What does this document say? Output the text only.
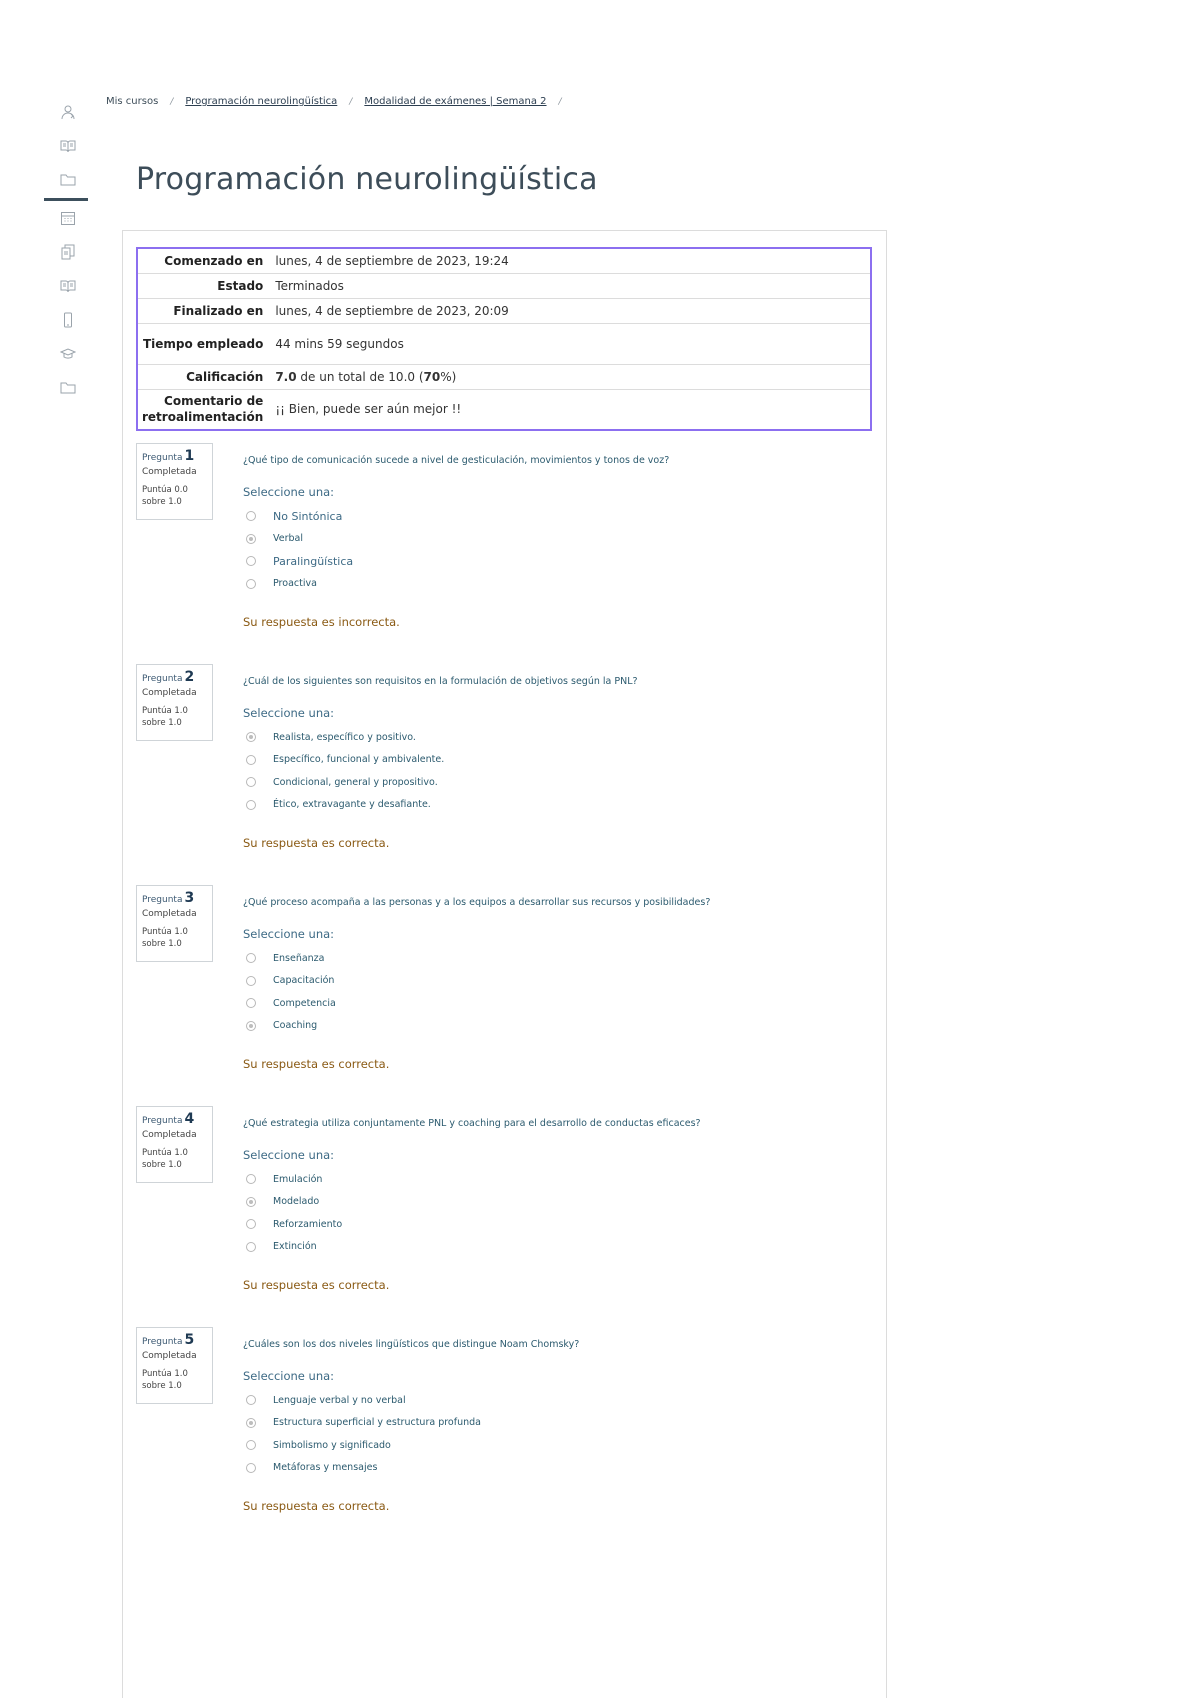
Mis cursos / Programación neurolingüística / Modalidad de exámenes | Semana 2 /
Programación neurolingüística
Comenzado en	lunes, 4 de septiembre de 2023, 19:24
Estado	Terminados
Finalizado en	lunes, 4 de septiembre de 2023, 20:09
Tiempo empleado	44 mins 59 segundos
Calificación	7.0 de un total de 10.0 (70%)
Comentario de retroalimentación	¡¡ Bien, puede ser aún mejor !!
Pregunta 1
Completada
Puntúa 0.0
sobre 1.0
¿Qué tipo de comunicación sucede a nivel de gesticulación, movimientos y tonos de voz?
Seleccione una:
No Sintónica
Verbal
Paralingüística
Proactiva
Su respuesta es incorrecta.
Pregunta 2
Completada
Puntúa 1.0
sobre 1.0
¿Cuál de los siguientes son requisitos en la formulación de objetivos según la PNL?
Seleccione una:
Realista, específico y positivo.
Específico, funcional y ambivalente.
Condicional, general y propositivo.
Ético, extravagante y desafiante.
Su respuesta es correcta.
Pregunta 3
Completada
Puntúa 1.0
sobre 1.0
¿Qué proceso acompaña a las personas y a los equipos a desarrollar sus recursos y posibilidades?
Seleccione una:
Enseñanza
Capacitación
Competencia
Coaching
Su respuesta es correcta.
Pregunta 4
Completada
Puntúa 1.0
sobre 1.0
¿Qué estrategia utiliza conjuntamente PNL y coaching para el desarrollo de conductas eficaces?
Seleccione una:
Emulación
Modelado
Reforzamiento
Extinción
Su respuesta es correcta.
Pregunta 5
Completada
Puntúa 1.0
sobre 1.0
¿Cuáles son los dos niveles lingüísticos que distingue Noam Chomsky?
Seleccione una:
Lenguaje verbal y no verbal
Estructura superficial y estructura profunda
Simbolismo y significado
Metáforas y mensajes
Su respuesta es correcta.
